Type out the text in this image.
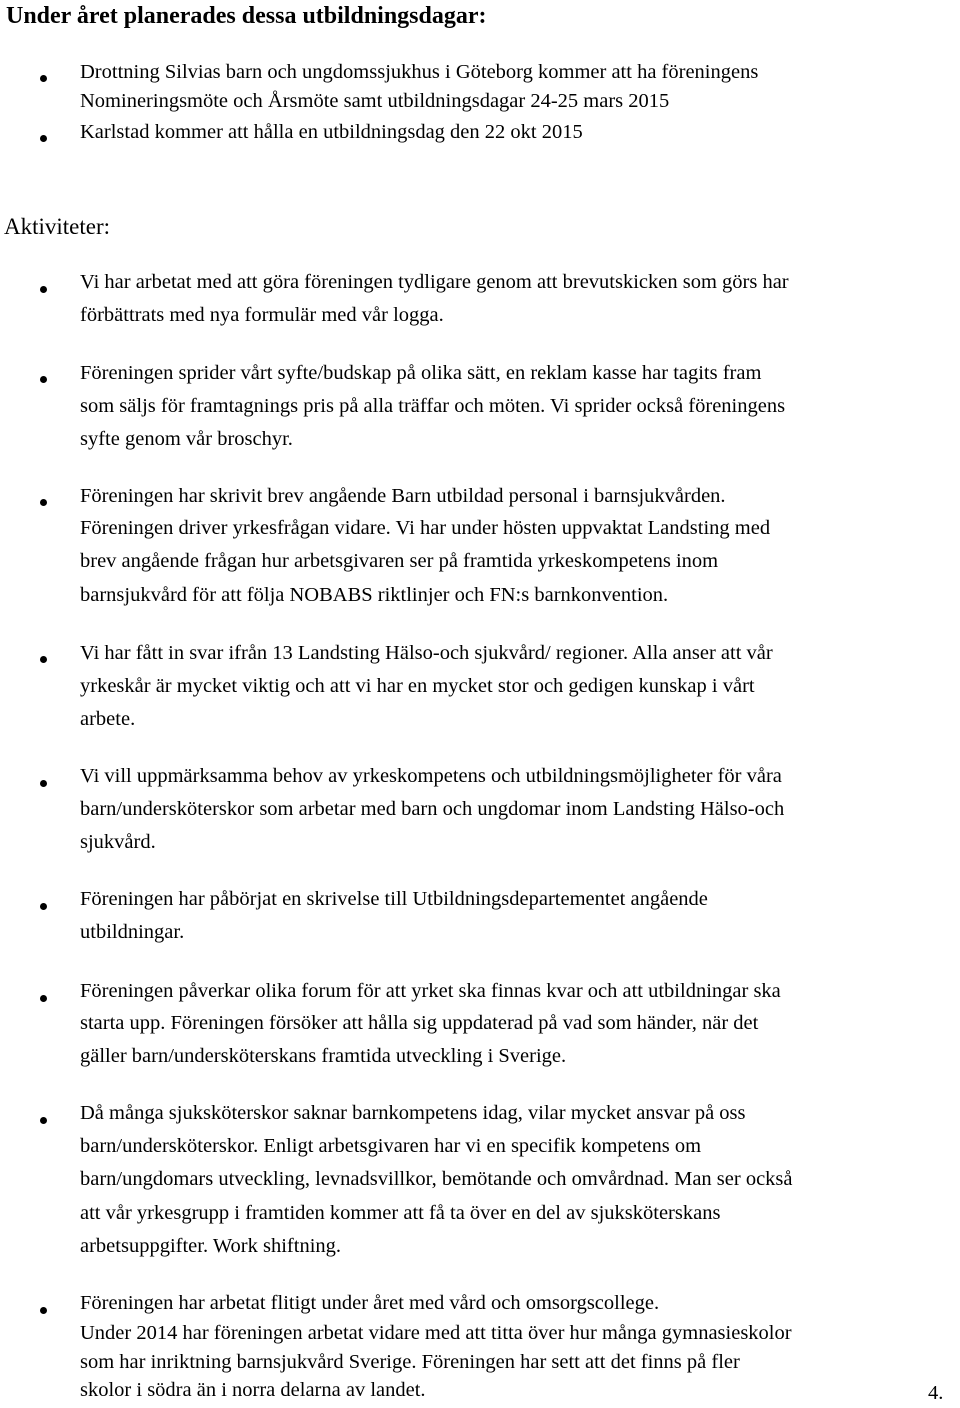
Under året planerades dessa utbildningsdagar:
Aktiviteter:
Drottning Silvias barn och ungdomssjukhus i Göteborg kommer att ha föreningens
Nomineringsmöte och Årsmöte samt utbildningsdagar 24-25 mars 2015
Karlstad kommer att hålla en utbildningsdag den 22 okt 2015
Vi har arbetat med att göra föreningen tydligare genom att brevutskicken som görs har
förbättrats med nya formulär med vår logga.
Föreningen sprider vårt syfte/budskap på olika sätt, en reklam kasse har tagits fram
som säljs för framtagnings pris på alla träffar och möten. Vi sprider också föreningens
syfte genom vår broschyr.
Föreningen har skrivit brev angående Barn utbildad personal i barnsjukvården.
Föreningen driver yrkesfrågan vidare. Vi har under hösten uppvaktat Landsting med
brev angående frågan hur arbetsgivaren ser på framtida yrkeskompetens inom
barnsjukvård för att följa NOBABS riktlinjer och FN:s barnkonvention.
Vi har fått in svar ifrån 13 Landsting Hälso-och sjukvård/ regioner. Alla anser att vår
yrkeskår är mycket viktig och att vi har en mycket stor och gedigen kunskap i vårt
arbete.
Vi vill uppmärksamma behov av yrkeskompetens och utbildningsmöjligheter för våra
barn/undersköterskor som arbetar med barn och ungdomar inom Landsting Hälso-och
sjukvård.
Föreningen har påbörjat en skrivelse till Utbildningsdepartementet angående
utbildningar.
Föreningen påverkar olika forum för att yrket ska finnas kvar och att utbildningar ska
starta upp. Föreningen försöker att hålla sig uppdaterad på vad som händer, när det
gäller barn/undersköterskans framtida utveckling i Sverige.
Då många sjuksköterskor saknar barnkompetens idag, vilar mycket ansvar på oss
barn/undersköterskor. Enligt arbetsgivaren har vi en specifik kompetens om
barn/ungdomars utveckling, levnadsvillkor, bemötande och omvårdnad. Man ser också
att vår yrkesgrupp i framtiden kommer att få ta över en del av sjuksköterskans
arbetsuppgifter. Work shiftning.
Föreningen har arbetat flitigt under året med vård och omsorgscollege.
Under 2014 har föreningen arbetat vidare med att titta över hur många gymnasieskolor
som har inriktning barnsjukvård Sverige. Föreningen har sett att det finns på fler
skolor i södra än i norra delarna av landet.	4.
